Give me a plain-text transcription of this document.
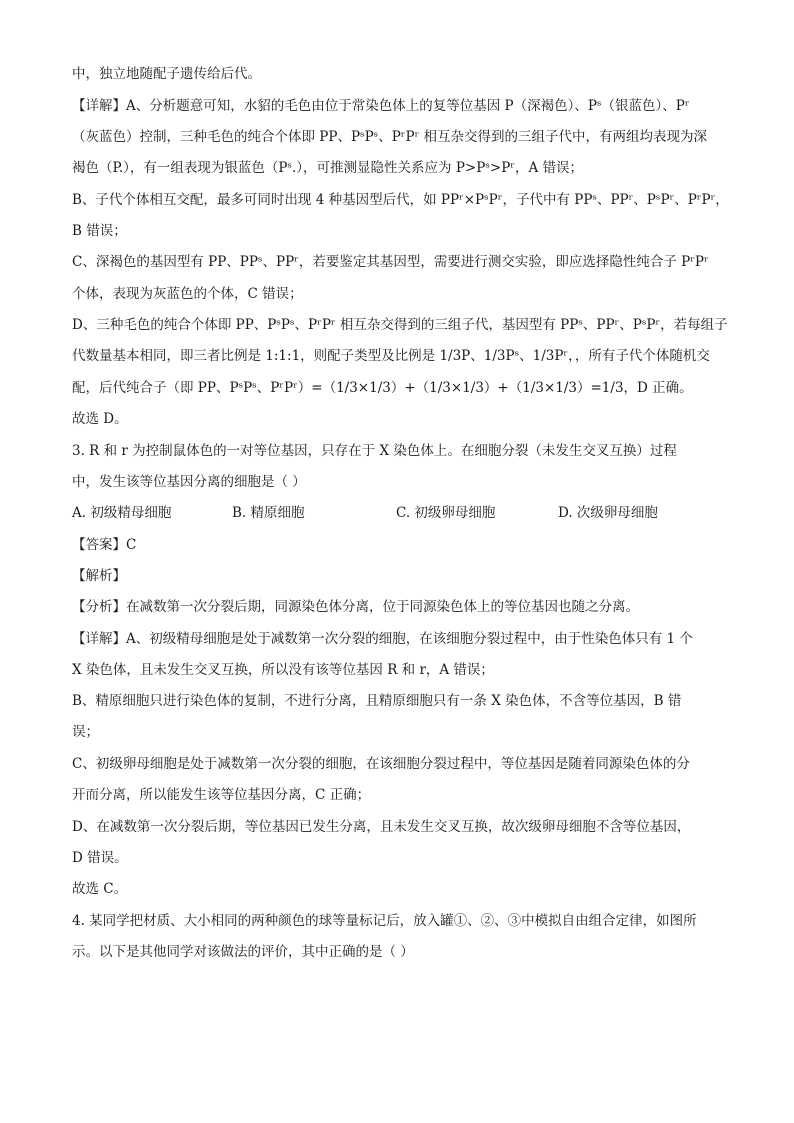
中，独立地随配子遗传给后代。
【详解】A、分析题意可知，水貂的毛色由位于常染色体上的复等位基因 P（深褐色）、Pˢ（银蓝色）、Pʳ
（灰蓝色）控制，三种毛色的纯合个体即 PP、PˢPˢ、PʳPʳ 相互杂交得到的三组子代中，有两组均表现为深
褐色（P.），有一组表现为银蓝色（Pˢ.），可推测显隐性关系应为 P>Pˢ>Pʳ，A 错误；
B、子代个体相互交配，最多可同时出现 4 种基因型后代，如 PPʳ×PˢPʳ，子代中有 PPˢ、PPʳ、PˢPʳ、PʳPʳ，
B 错误；
C、深褐色的基因型有 PP、PPˢ、PPʳ，若要鉴定其基因型，需要进行测交实验，即应选择隐性纯合子 PʳPʳ
个体，表现为灰蓝色的个体，C 错误；
D、三种毛色的纯合个体即 PP、PˢPˢ、PʳPʳ 相互杂交得到的三组子代，基因型有 PPˢ、PPʳ、PˢPʳ，若每组子
代数量基本相同，即三者比例是 1:1:1，则配子类型及比例是 1/3P、1/3Pˢ、1/3Pʳ，，所有子代个体随机交
配，后代纯合子（即 PP、PˢPˢ、PʳPʳ）=（1/3×1/3）+（1/3×1/3）+（1/3×1/3）=1/3，D 正确。
故选 D。
3. R 和 r 为控制鼠体色的一对等位基因，只存在于 X 染色体上。在细胞分裂（未发生交叉互换）过程
中，发生该等位基因分离的细胞是（ ）
A. 初级精母细胞	B. 精原细胞	C. 初级卵母细胞	D. 次级卵母细胞
【答案】C
【解析】
【分析】在减数第一次分裂后期，同源染色体分离，位于同源染色体上的等位基因也随之分离。
【详解】A、初级精母细胞是处于减数第一次分裂的细胞，在该细胞分裂过程中，由于性染色体只有 1 个
X 染色体，且未发生交叉互换，所以没有该等位基因 R 和 r，A 错误；
B、精原细胞只进行染色体的复制，不进行分离，且精原细胞只有一条 X 染色体，不含等位基因，B 错
误；
C、初级卵母细胞是处于减数第一次分裂的细胞，在该细胞分裂过程中，等位基因是随着同源染色体的分
开而分离，所以能发生该等位基因分离，C 正确；
D、在减数第一次分裂后期，等位基因已发生分离，且未发生交叉互换，故次级卵母细胞不含等位基因，
D 错误。
故选 C。
4. 某同学把材质、大小相同的两种颜色的球等量标记后，放入罐①、②、③中模拟自由组合定律，如图所
示。以下是其他同学对该做法的评价，其中正确的是（ ）
